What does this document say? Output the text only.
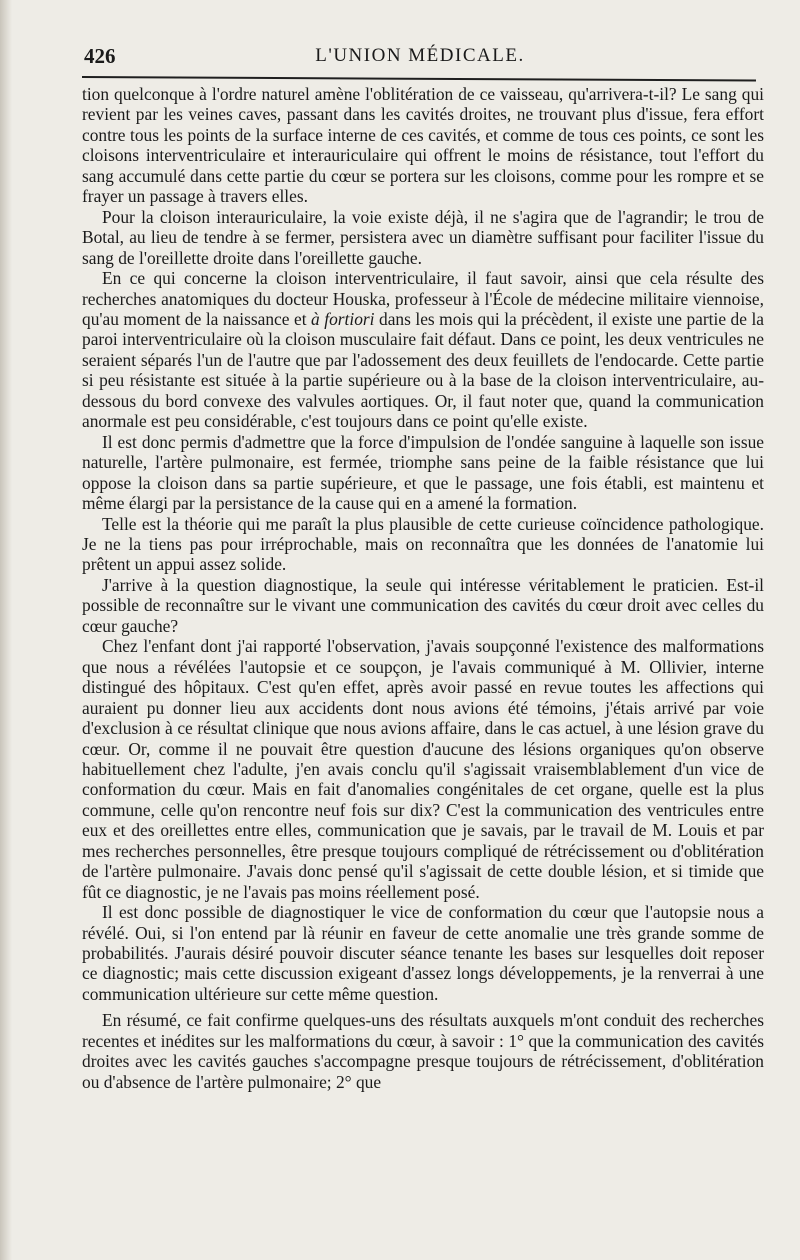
426	L'UNION MÉDICALE.

tion quelconque à l'ordre naturel amène l'oblitération de ce vaisseau, qu'arrivera-t-il? Le sang qui revient par les veines caves, passant dans les cavités droites, ne trouvant plus d'issue, fera effort contre tous les points de la surface interne de ces cavités, et comme de tous ces points, ce sont les cloisons interventriculaire et interauriculaire qui offrent le moins de résistance, tout l'effort du sang accumulé dans cette partie du cœur se portera sur les cloisons, comme pour les rompre et se frayer un passage à travers elles.

Pour la cloison interauriculaire, la voie existe déjà, il ne s'agira que de l'agrandir; le trou de Botal, au lieu de tendre à se fermer, persistera avec un diamètre suffisant pour faciliter l'issue du sang de l'oreillette droite dans l'oreillette gauche.

En ce qui concerne la cloison interventriculaire, il faut savoir, ainsi que cela résulte des recherches anatomiques du docteur Houska, professeur à l'École de médecine militaire viennoise, qu'au moment de la naissance et à fortiori dans les mois qui la précèdent, il existe une partie de la paroi interventriculaire où la cloison musculaire fait défaut. Dans ce point, les deux ventricules ne seraient séparés l'un de l'autre que par l'adossement des deux feuillets de l'endocarde. Cette partie si peu résistante est située à la partie supérieure ou à la base de la cloison interventriculaire, au-dessous du bord convexe des valvules aortiques. Or, il faut noter que, quand la communication anormale est peu considérable, c'est toujours dans ce point qu'elle existe.

Il est donc permis d'admettre que la force d'impulsion de l'ondée sanguine à laquelle son issue naturelle, l'artère pulmonaire, est fermée, triomphe sans peine de la faible résistance que lui oppose la cloison dans sa partie supérieure, et que le passage, une fois établi, est maintenu et même élargi par la persistance de la cause qui en a amené la formation.

Telle est la théorie qui me paraît la plus plausible de cette curieuse coïncidence pathologique. Je ne la tiens pas pour irréprochable, mais on reconnaîtra que les données de l'anatomie lui prêtent un appui assez solide.

J'arrive à la question diagnostique, la seule qui intéresse véritablement le praticien. Est-il possible de reconnaître sur le vivant une communication des cavités du cœur droit avec celles du cœur gauche?

Chez l'enfant dont j'ai rapporté l'observation, j'avais soupçonné l'existence des malformations que nous a révélées l'autopsie et ce soupçon, je l'avais communiqué à M. Ollivier, interne distingué des hôpitaux. C'est qu'en effet, après avoir passé en revue toutes les affections qui auraient pu donner lieu aux accidents dont nous avions été témoins, j'étais arrivé par voie d'exclusion à ce résultat clinique que nous avions affaire, dans le cas actuel, à une lésion grave du cœur. Or, comme il ne pouvait être question d'aucune des lésions organiques qu'on observe habituellement chez l'adulte, j'en avais conclu qu'il s'agissait vraisemblablement d'un vice de conformation du cœur. Mais en fait d'anomalies congénitales de cet organe, quelle est la plus commune, celle qu'on rencontre neuf fois sur dix? C'est la communication des ventricules entre eux et des oreillettes entre elles, communication que je savais, par le travail de M. Louis et par mes recherches personnelles, être presque toujours compliqué de rétrécissement ou d'oblitération de l'artère pulmonaire. J'avais donc pensé qu'il s'agissait de cette double lésion, et si timide que fût ce diagnostic, je ne l'avais pas moins réellement posé.

Il est donc possible de diagnostiquer le vice de conformation du cœur que l'autopsie nous a révélé. Oui, si l'on entend par là réunir en faveur de cette anomalie une très grande somme de probabilités. J'aurais désiré pouvoir discuter séance tenante les bases sur lesquelles doit reposer ce diagnostic; mais cette discussion exigeant d'assez longs développements, je la renverrai à une communication ultérieure sur cette même question.

En résumé, ce fait confirme quelques-uns des résultats auxquels m'ont conduit des recherches recentes et inédites sur les malformations du cœur, à savoir : 1° que la communication des cavités droites avec les cavités gauches s'accompagne presque toujours de rétrécissement, d'oblitération ou d'absence de l'artère pulmonaire; 2° que
